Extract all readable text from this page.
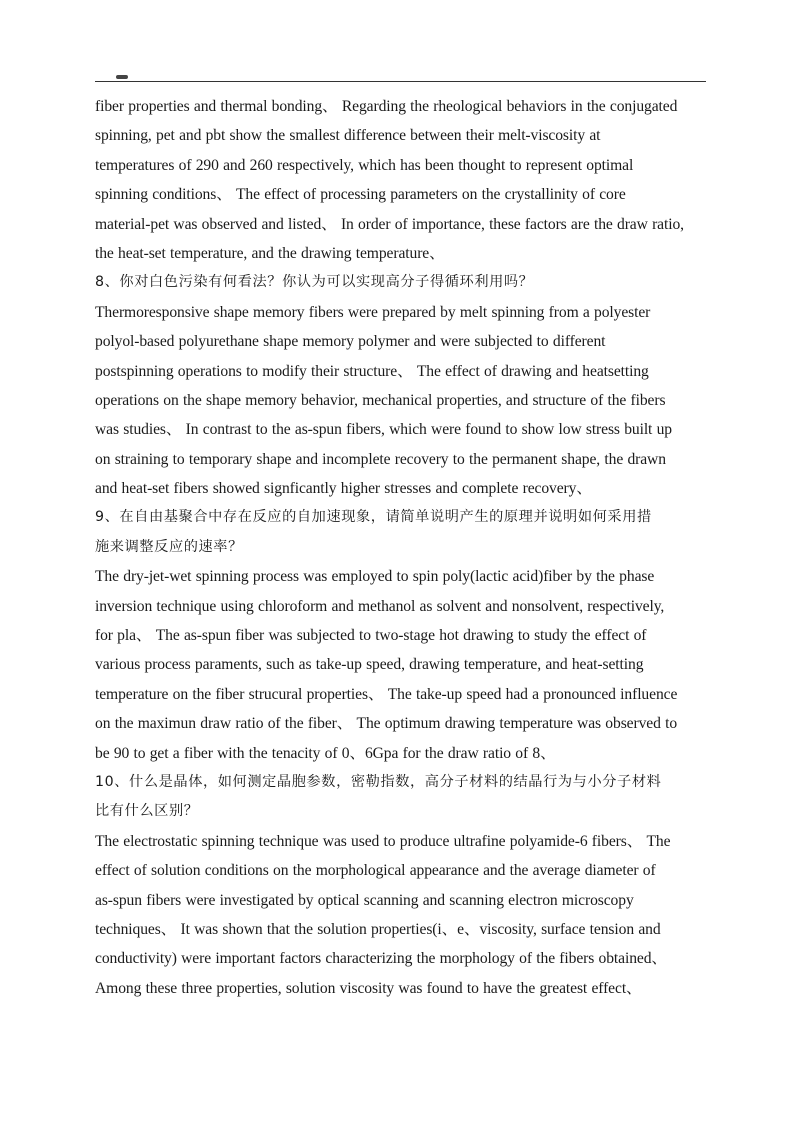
fiber properties and thermal bonding、 Regarding the rheological behaviors in the conjugated
spinning, pet and pbt show the smallest difference between their melt-viscosity at
temperatures of 290 and 260 respectively, which has been thought to represent optimal
spinning conditions、 The effect of processing parameters on the crystallinity of core
material-pet was observed and listed、 In order of importance, these factors are the draw ratio,
the heat-set temperature, and the drawing temperature、
8、你对白色污染有何看法？你认为可以实现高分子得循环利用吗？
Thermoresponsive shape memory fibers were prepared by melt spinning from a polyester
polyol-based polyurethane shape memory polymer and were subjected to different
postspinning operations to modify their structure、 The effect of drawing and heatsetting
operations on the shape memory behavior, mechanical properties, and structure of the fibers
was studies、 In contrast to the as-spun fibers, which were found to show low stress built up
on straining to temporary shape and incomplete recovery to the permanent shape, the drawn
and heat-set fibers showed signficantly higher stresses and complete recovery、
9、在自由基聚合中存在反应的自加速现象，请简单说明产生的原理并说明如何采用措
施来调整反应的速率？
The dry-jet-wet spinning process was employed to spin poly(lactic acid)fiber by the phase
inversion technique using chloroform and methanol as solvent and nonsolvent, respectively,
for pla、 The as-spun fiber was subjected to two-stage hot drawing to study the effect of
various process paraments, such as take-up speed, drawing temperature, and heat-setting
temperature on the fiber strucural properties、 The take-up speed had a pronounced influence
on the maximun draw ratio of the fiber、 The optimum drawing temperature was observed to
be 90 to get a fiber with the tenacity of 0、6Gpa for the draw ratio of 8、
10、什么是晶体，如何测定晶胞参数，密勒指数，高分子材料的结晶行为与小分子材料
比有什么区别？
The electrostatic spinning technique was used to produce ultrafine polyamide-6 fibers、 The
effect of solution conditions on the morphological appearance and the average diameter of
as-spun fibers were investigated by optical scanning and scanning electron microscopy
techniques、 It was shown that the solution properties(i、e、viscosity, surface tension and
conductivity) were important factors characterizing the morphology of the fibers obtained、
Among these three properties, solution viscosity was found to have the greatest effect、
